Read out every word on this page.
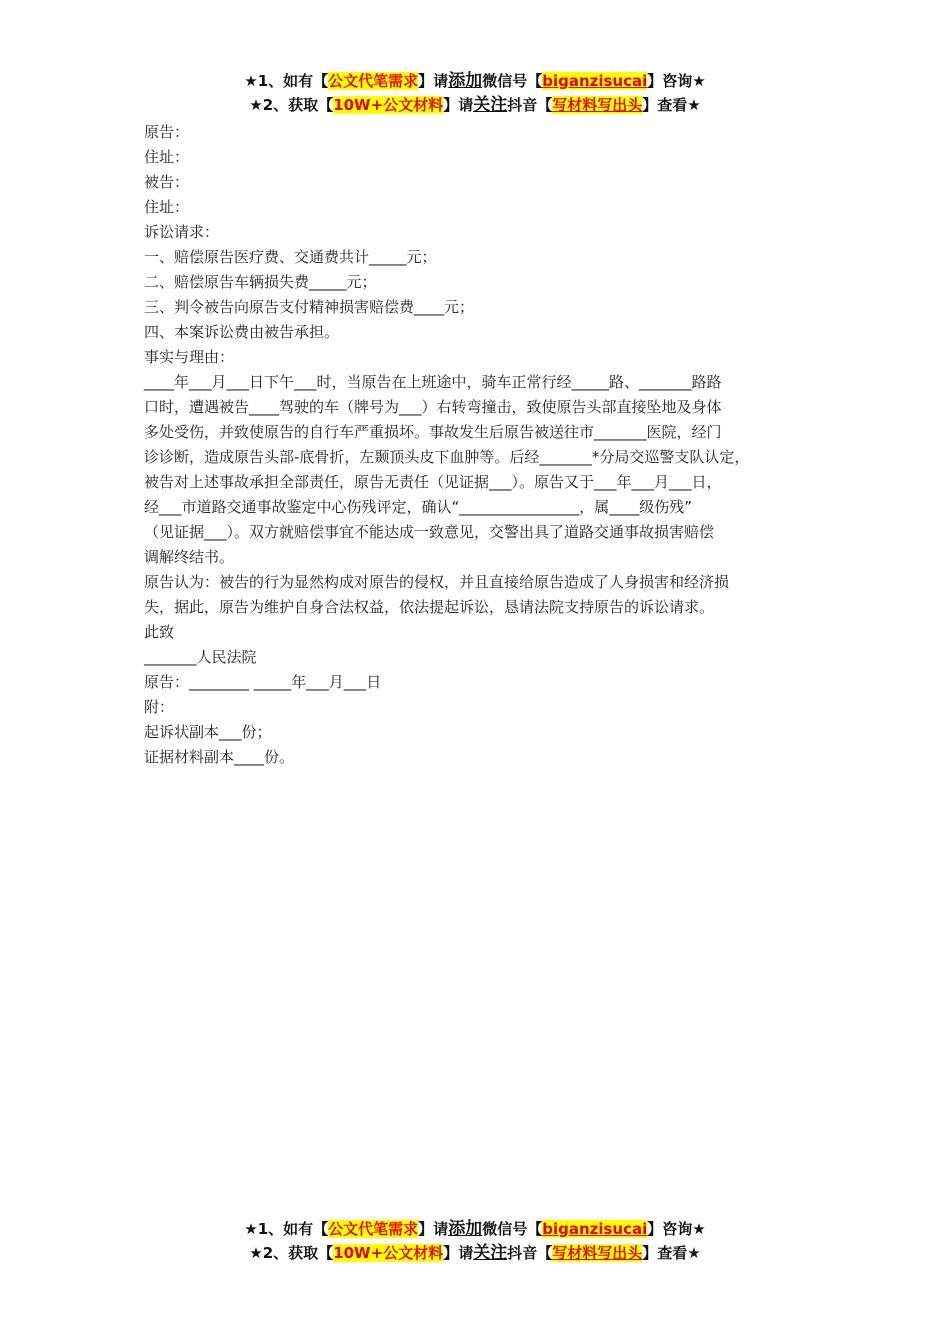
★1、如有【公文代笔需求】请添加微信号【biganzisucai】咨询★
★2、获取【10W+公文材料】请关注抖音【写材料写出头】查看★

原告：

住址：

被告：

住址：

诉讼请求：

一、赔偿原告医疗费、交通费共计_____元；

二、赔偿原告车辆损失费_____元；

三、判令被告向原告支付精神损害赔偿费____元；

四、本案诉讼费由被告承担。

事实与理由：

____年___月___日下午___时，当原告在上班途中，骑车正常行经_____路、_______路路

口时，遭遇被告____驾驶的车（牌号为___）右转弯撞击，致使原告头部直接坠地及身体

多处受伤，并致使原告的自行车严重损坏。事故发生后原告被送往市_______医院，经门

诊诊断，造成原告头部-底骨折，左颞顶头皮下血肿等。后经_______*分局交巡警支队认定，

被告对上述事故承担全部责任，原告无责任（见证据___）。原告又于___年___月___日，

经___市道路交通事故鉴定中心伤残评定，确认“________________，属____级伤残”

（见证据___）。双方就赔偿事宜不能达成一致意见，交警出具了道路交通事故损害赔偿

调解终结书。

原告认为：被告的行为显然构成对原告的侵权，并且直接给原告造成了人身损害和经济损

失，据此，原告为维护自身合法权益，依法提起诉讼，恳请法院支持原告的诉讼请求。

此致

_______人民法院

原告：________ _____年___月___日

附：

起诉状副本___份；

证据材料副本____份。

★1、如有【公文代笔需求】请添加微信号【biganzisucai】咨询★
★2、获取【10W+公文材料】请关注抖音【写材料写出头】查看★
